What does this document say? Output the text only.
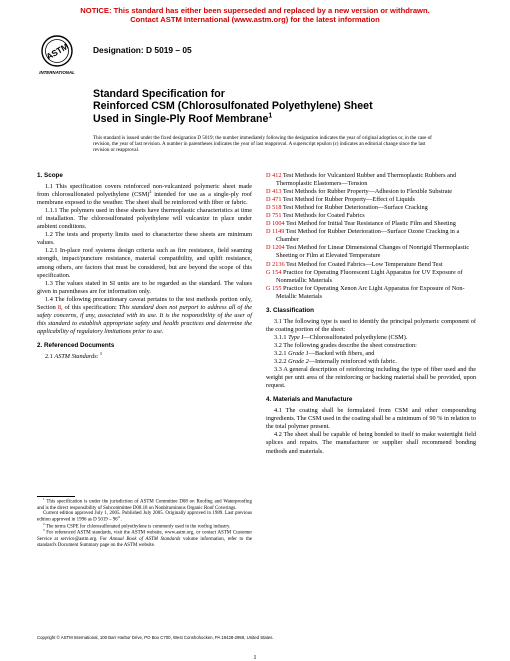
NOTICE: This standard has either been superseded and replaced by a new version or withdrawn.
Contact ASTM International (www.astm.org) for the latest information
ASTM
INTERNATIONAL
Designation: D 5019 – 05
Standard Specification for
Reinforced CSM (Chlorosulfonated Polyethylene) Sheet
Used in Single-Ply Roof Membrane$^1$
This standard is issued under the fixed designation D 5019; the number immediately following the designation indicates the year of original adoption or, in the case of revision, the year of last revision. A number in parentheses indicates the year of last reapproval. A superscript epsilon (ε) indicates an editorial change since the last revision or reapproval.

1. Scope

1.1 This specification covers reinforced non-vulcanized polymeric sheet made from chlorosulfonated polyethylene (CSM)$^2$ intended for use as a single-ply roof membrane exposed to the weather. The sheet shall be reinforced with fiber or fabric.

1.1.1 The polymers used in these sheets have thermoplastic characteristics at time of installation. The chlorosulfonated polyethylene will vulcanize in place under ambient conditions.

1.2 The tests and property limits used to characterize these sheets are minimum values.

1.2.1 In-place roof systems design criteria such as fire resistance, field seaming strength, impact/puncture resistance, material compatibility, and uplift resistance, among others, are factors that must be considered, but are beyond the scope of this specification.

1.3 The values stated in SI units are to be regarded as the standard. The values given in parentheses are for information only.

1.4 The following precautionary caveat pertains to the test methods portion only, Section 8, of this specification: This standard does not purport to address all of the safety concerns, if any, associated with its use. It is the responsibility of the user of this standard to establish appropriate safety and health practices and determine the applicability of regulatory limitations prior to use.

2. Referenced Documents

2.1 ASTM Standards: $^3$

$^1$ This specification is under the jurisdiction of ASTM Committee D08 on Roofing and Waterproofing and is the direct responsibility of Subcommittee D08.18 on Nonbituminous Organic Roof Coverings.

Current edition approved July 1, 2005. Published July 2005. Originally approved in 1989. Last previous edition approved in 1996 as D $5019 - 96^{\varepsilon 1}$.

$^2$ The terms CSPE for chlorosulfonated polyethylene is commonly used in the roofing industry.

$^3$ For referenced ASTM standards, visit the ASTM website, www.astm.org, or contact ASTM Customer Service at service@astm.org. For Annual Book of ASTM Standards volume information, refer to the standard's Document Summary page on the ASTM website.

D 412 Test Methods for Vulcanized Rubber and Thermoplastic Rubbers and Thermoplastic Elastomers—Tension

D 413 Test Methods for Rubber Property—Adhesion to Flexible Substrate

D 471 Test Method for Rubber Property—Effect of Liquids

D 518 Test Method for Rubber Deterioration—Surface Cracking

D 751 Test Methods for Coated Fabrics

D 1004 Test Method for Initial Tear Resistance of Plastic Film and Sheeting

D 1149 Test Method for Rubber Deterioration—Surface Ozone Cracking in a Chamber

D 1204 Test Method for Linear Dimensional Changes of Nonrigid Thermoplastic Sheeting or Film at Elevated Temperature

D 2136 Test Method for Coated Fabrics—Low Temperature Bend Test

G 154 Practice for Operating Fluorescent Light Apparatus for UV Exposure of Nonmetallic Materials

G 155 Practice for Operating Xenon Arc Light Apparatus for Exposure of Non-Metallic Materials

3. Classification

3.1 The following type is used to identify the principal polymeric component of the coating portion of the sheet:

3.1.1 Type I—Chlorosulfonated polyethylene (CSM).

3.2 The following grades describe the sheet construction:

3.2.1 Grade 1—Backed with fibers, and

3.2.2 Grade 2—Internally reinforced with fabric.

3.3 A general description of reinforcing including the type of fiber used and the weight per unit area of the reinforcing or backing material shall be provided, upon request.

4. Materials and Manufacture

4.1 The coating shall be formulated from CSM and other compounding ingredients. The CSM used in the coating shall be a minimum of 90 % in relation to the total polymer present.

4.2 The sheet shall be capable of being bonded to itself to make watertight field splices and repairs. The manufacturer or supplier shall recommend bonding methods and materials.

Copyright © ASTM International, 100 Barr Harbor Drive, PO Box C700, West Conshohocken, PA 19428-2959, United States.
1
